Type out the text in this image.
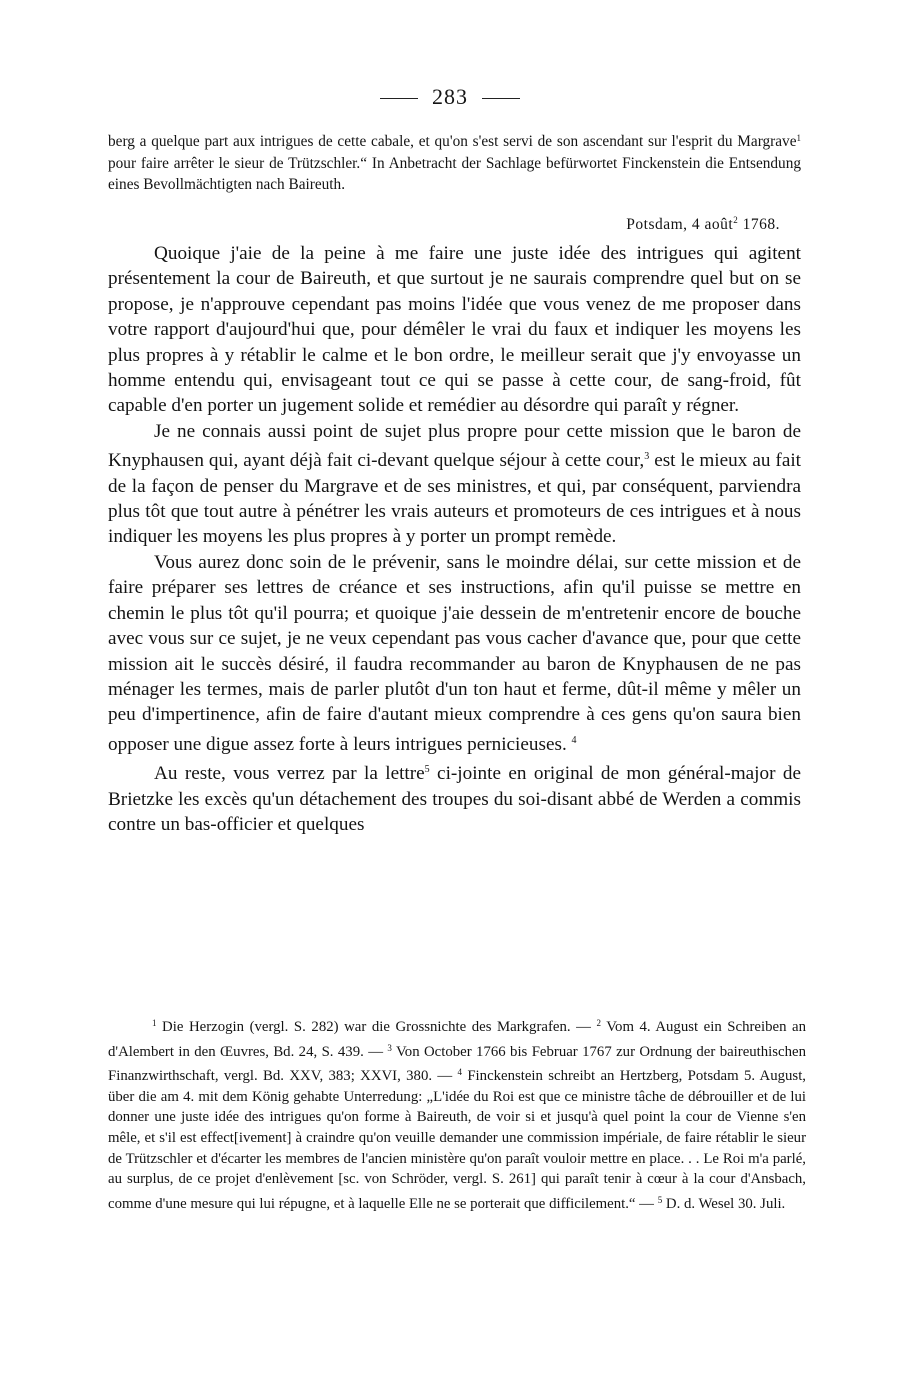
283

berg a quelque part aux intrigues de cette cabale, et qu'on s'est servi de son ascendant sur l'esprit du Margrave$^1$ pour faire arrêter le sieur de Trützschler.“ In Anbetracht der Sachlage befürwortet Finckenstein die Entsendung eines Bevollmächtigten nach Baireuth.

Potsdam, 4 août$^2$ 1768.

Quoique j'aie de la peine à me faire une juste idée des intrigues qui agitent présentement la cour de Baireuth, et que surtout je ne saurais comprendre quel but on se propose, je n'approuve cependant pas moins l'idée que vous venez de me proposer dans votre rapport d'aujourd'hui que, pour démêler le vrai du faux et indiquer les moyens les plus propres à y rétablir le calme et le bon ordre, le meilleur serait que j'y envoyasse un homme entendu qui, envisageant tout ce qui se passe à cette cour, de sang-froid, fût capable d'en porter un jugement solide et remédier au désordre qui paraît y régner.

Je ne connais aussi point de sujet plus propre pour cette mission que le baron de Knyphausen qui, ayant déjà fait ci-devant quelque séjour à cette cour,$^3$ est le mieux au fait de la façon de penser du Margrave et de ses ministres, et qui, par conséquent, parviendra plus tôt que tout autre à pénétrer les vrais auteurs et promoteurs de ces intrigues et à nous indiquer les moyens les plus propres à y porter un prompt remède.

Vous aurez donc soin de le prévenir, sans le moindre délai, sur cette mission et de faire préparer ses lettres de créance et ses instructions, afin qu'il puisse se mettre en chemin le plus tôt qu'il pourra; et quoique j'aie dessein de m'entretenir encore de bouche avec vous sur ce sujet, je ne veux cependant pas vous cacher d'avance que, pour que cette mission ait le succès désiré, il faudra recommander au baron de Knyphausen de ne pas ménager les termes, mais de parler plutôt d'un ton haut et ferme, dût-il même y mêler un peu d'impertinence, afin de faire d'autant mieux comprendre à ces gens qu'on saura bien opposer une digue assez forte à leurs intrigues pernicieuses. $^4$

Au reste, vous verrez par la lettre$^5$ ci-jointe en original de mon général-major de Brietzke les excès qu'un détachement des troupes du soi-disant abbé de Werden a commis contre un bas-officier et quelques

$^1$ Die Herzogin (vergl. S. 282) war die Grossnichte des Markgrafen. — $^2$ Vom 4. August ein Schreiben an d'Alembert in den Œuvres, Bd. 24, S. 439. — $^3$ Von October 1766 bis Februar 1767 zur Ordnung der baireuthischen Finanzwirthschaft, vergl. Bd. XXV, 383; XXVI, 380. — $^4$ Finckenstein schreibt an Hertzberg, Potsdam 5. August, über die am 4. mit dem König gehabte Unterredung: „L'idée du Roi est que ce ministre tâche de débrouiller et de lui donner une juste idée des intrigues qu'on forme à Baireuth, de voir si et jusqu'à quel point la cour de Vienne s'en mêle, et s'il est effect[ivement] à craindre qu'on veuille demander une commission impériale, de faire rétablir le sieur de Trützschler et d'écarter les membres de l'ancien ministère qu'on paraît vouloir mettre en place. . . Le Roi m'a parlé, au surplus, de ce projet d'enlèvement [sc. von Schröder, vergl. S. 261] qui paraît tenir à cœur à la cour d'Ansbach, comme d'une mesure qui lui répugne, et à laquelle Elle ne se porterait que difficilement.“ — $^5$ D. d. Wesel 30. Juli.
